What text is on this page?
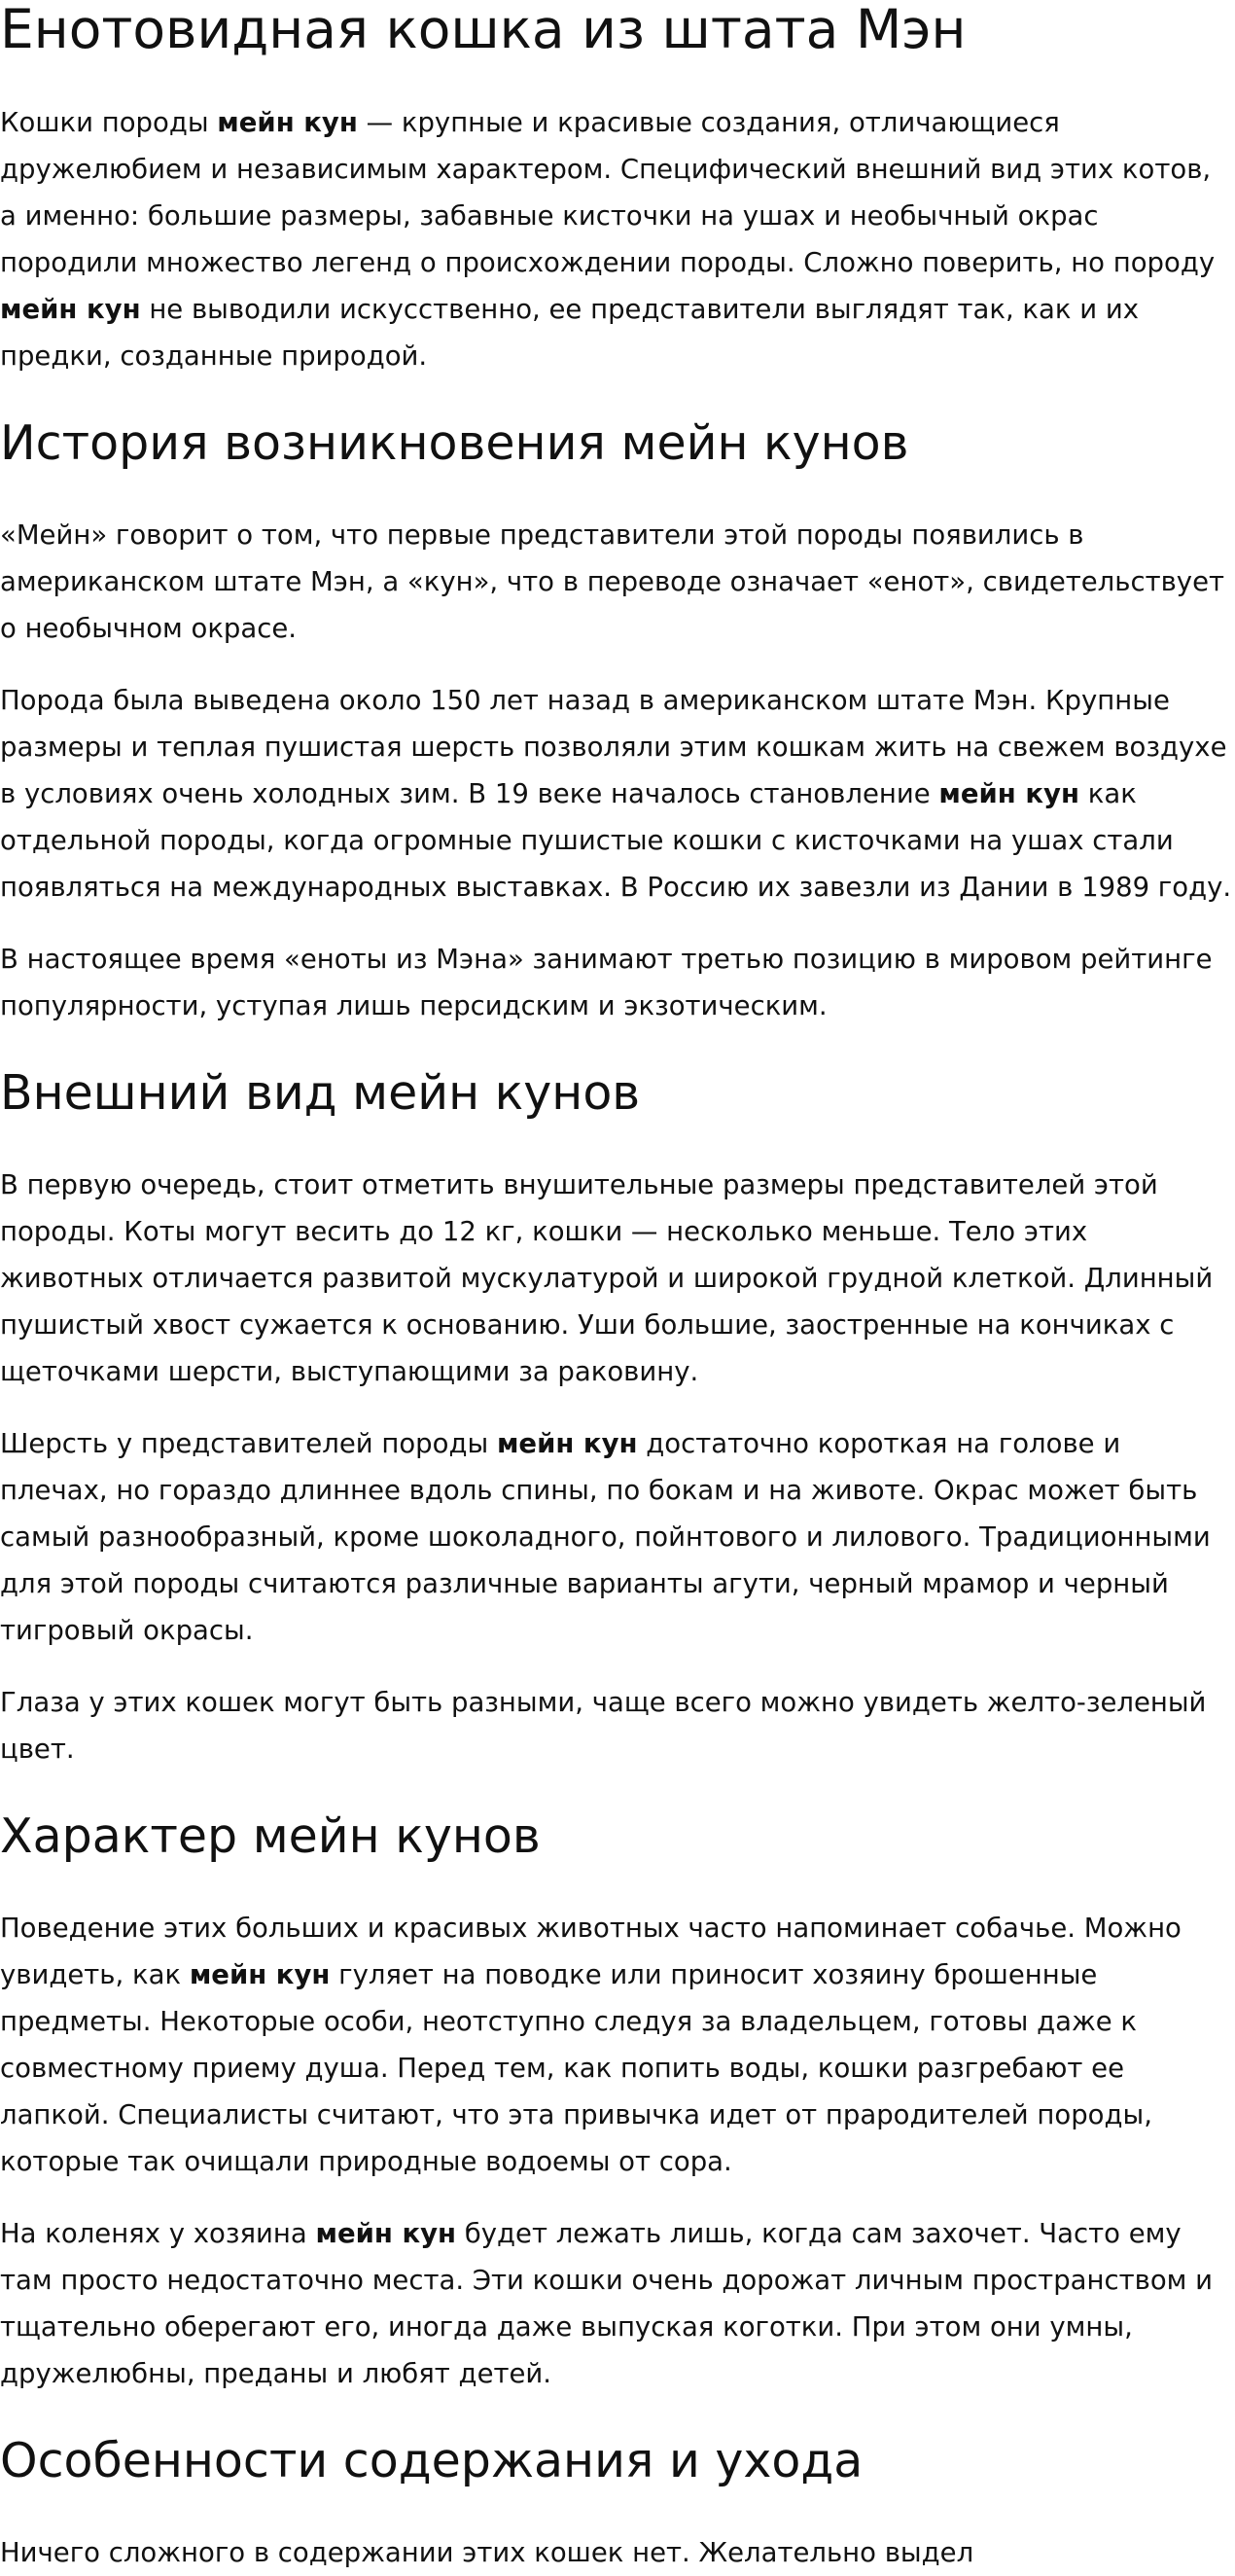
Енотовидная кошка из штата Мэн

Кошки породы мейн кун — крупные и красивые создания, отличающиеся дружелюбием и независимым характером. Специфический внешний вид этих котов, а именно: большие размеры, забавные кисточки на ушах и необычный окрас породили множество легенд о происхождении породы. Сложно поверить, но породу мейн кун не выводили искусственно, ее представители выглядят так, как и их предки, созданные природой.

История возникновения мейн кунов

«Мейн» говорит о том, что первые представители этой породы появились в американском штате Мэн, а «кун», что в переводе означает «енот», свидетельствует о необычном окрасе.

Порода была выведена около 150 лет назад в американском штате Мэн. Крупные размеры и теплая пушистая шерсть позволяли этим кошкам жить на свежем воздухе в условиях очень холодных зим. В 19 веке началось становление мейн кун как отдельной породы, когда огромные пушистые кошки с кисточками на ушах стали появляться на международных выставках. В Россию их завезли из Дании в 1989 году.

В настоящее время «еноты из Мэна» занимают третью позицию в мировом рейтинге популярности, уступая лишь персидским и экзотическим.

Внешний вид мейн кунов

В первую очередь, стоит отметить внушительные размеры представителей этой породы. Коты могут весить до 12 кг, кошки — несколько меньше. Тело этих животных отличается развитой мускулатурой и широкой грудной клеткой. Длинный пушистый хвост сужается к основанию. Уши большие, заостренные на кончиках с щеточками шерсти, выступающими за раковину.

Шерсть у представителей породы мейн кун достаточно короткая на голове и плечах, но гораздо длиннее вдоль спины, по бокам и на животе. Окрас может быть самый разнообразный, кроме шоколадного, пойнтового и лилового. Традиционными для этой породы считаются различные варианты агути, черный мрамор и черный тигровый окрасы.

Глаза у этих кошек могут быть разными, чаще всего можно увидеть желто-зеленый цвет.

Характер мейн кунов

Поведение этих больших и красивых животных часто напоминает собачье. Можно увидеть, как мейн кун гуляет на поводке или приносит хозяину брошенные предметы. Некоторые особи, неотступно следуя за владельцем, готовы даже к совместному приему душа. Перед тем, как попить воды, кошки разгребают ее лапкой. Специалисты считают, что эта привычка идет от прародителей породы, которые так очищали природные водоемы от сора.

На коленях у хозяина мейн кун будет лежать лишь, когда сам захочет. Часто ему там просто недостаточно места. Эти кошки очень дорожат личным пространством и тщательно оберегают его, иногда даже выпуская коготки. При этом они умны, дружелюбны, преданы и любят детей.

Особенности содержания и ухода

Ничего сложного в содержании этих кошек нет. Желательно выдел
